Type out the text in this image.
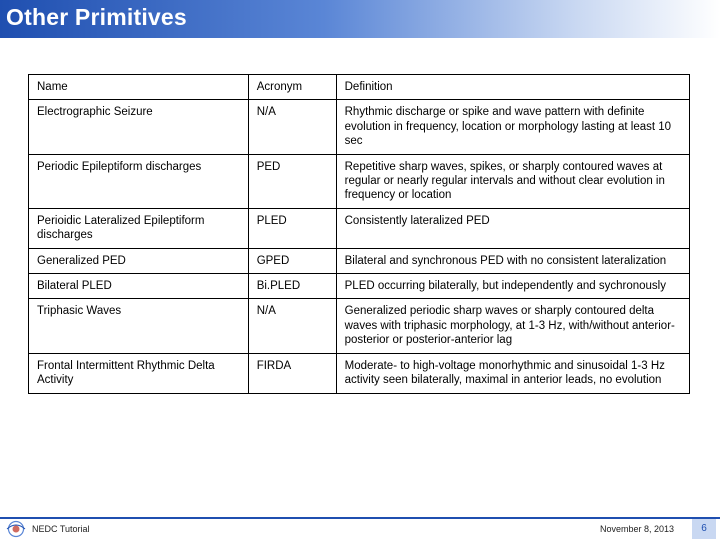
Other Primitives
Name	Acronym	Definition
Electrographic Seizure	N/A	Rhythmic discharge or spike and wave pattern with definite evolution in frequency, location or morphology lasting at least 10 sec
Periodic Epileptiform discharges	PED	Repetitive sharp waves, spikes, or sharply contoured waves at regular or nearly regular intervals and without clear evolution in frequency or location
Perioidic Lateralized Epileptiform discharges	PLED	Consistently lateralized PED
Generalized PED	GPED	Bilateral and synchronous PED with no consistent lateralization
Bilateral PLED	Bi.PLED	PLED occurring bilaterally, but independently and sychronously
Triphasic Waves	N/A	Generalized periodic sharp waves or sharply contoured delta waves with triphasic morphology, at 1-3 Hz, with/without anterior-posterior or posterior-anterior lag
Frontal Intermittent Rhythmic Delta Activity	FIRDA	Moderate- to high-voltage monorhythmic and sinusoidal 1-3 Hz activity seen bilaterally, maximal in anterior leads, no evolution
NEDC Tutorial	November 8, 2013	6
